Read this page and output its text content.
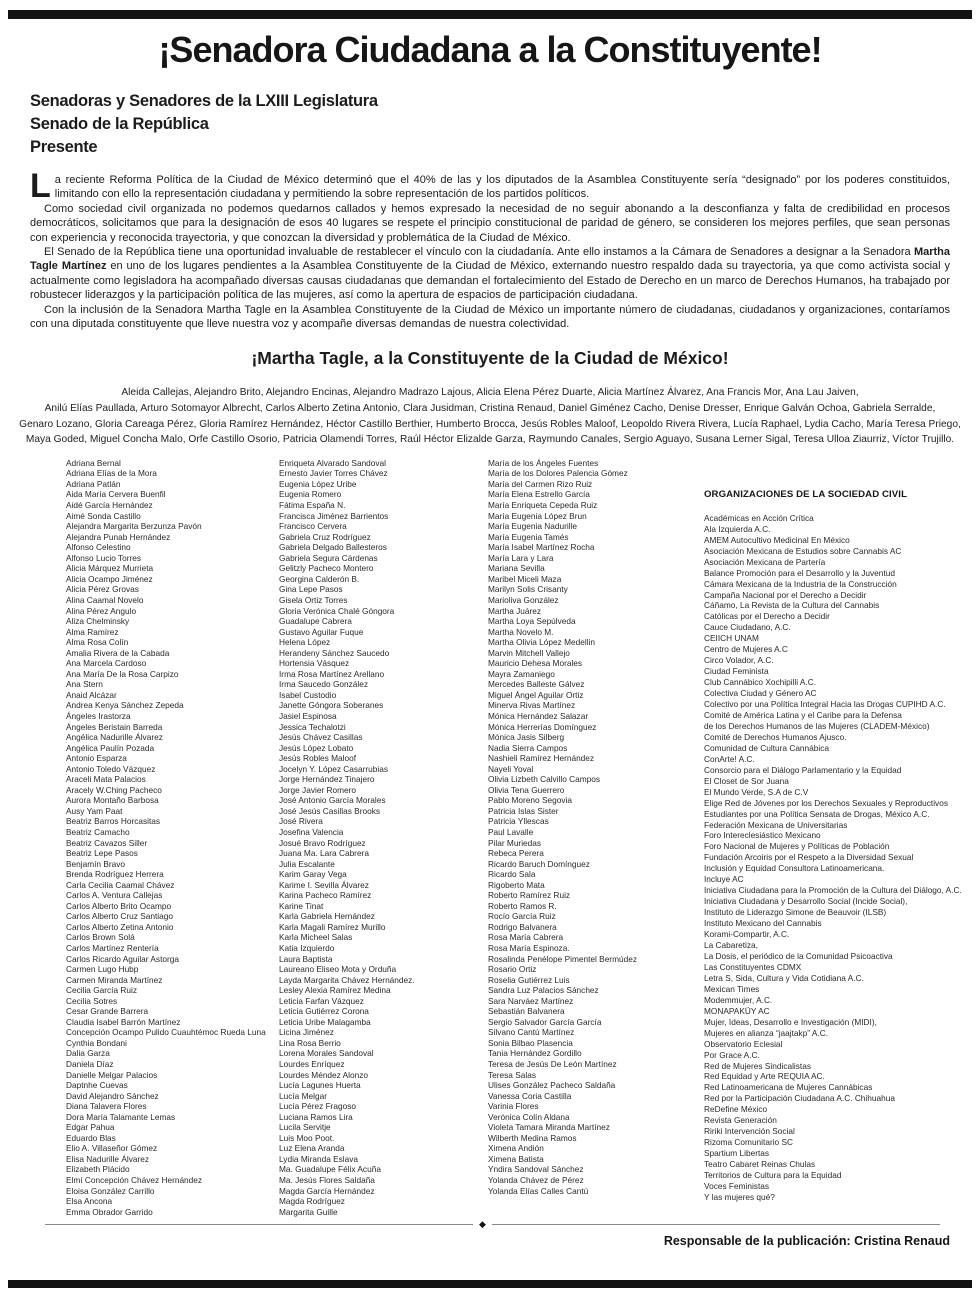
¡Senadora Ciudadana a la Constituyente!
Senadoras y Senadores de la LXIII Legislatura
Senado de la República
Presente

La reciente Reforma Política de la Ciudad de México determinó que el 40% de las y los diputados de la Asamblea Constituyente sería “designado” por los poderes constituidos, limitando con ello la representación ciudadana y permitiendo la sobre representación de los partidos políticos.

Como sociedad civil organizada no podemos quedarnos callados y hemos expresado la necesidad de no seguir abonando a la desconfianza y falta de credibilidad en procesos democráticos, solicitamos que para la designación de esos 40 lugares se respete el principio constitucional de paridad de género, se consideren los mejores perfiles, que sean personas con experiencia y reconocida trayectoria, y que conozcan la diversidad y problemática de la Ciudad de México.

El Senado de la República tiene una oportunidad invaluable de restablecer el vínculo con la ciudadanía. Ante ello instamos a la Cámara de Senadores a designar a la Senadora Martha Tagle Martínez en uno de los lugares pendientes a la Asamblea Constituyente de la Ciudad de México, externando nuestro respaldo dada su trayectoria, ya que como activista social y actualmente como legisladora ha acompañado diversas causas ciudadanas que demandan el fortalecimiento del Estado de Derecho en un marco de Derechos Humanos, ha trabajado por robustecer liderazgos y la participación política de las mujeres, así como la apertura de espacios de participación ciudadana.

Con la inclusión de la Senadora Martha Tagle en la Asamblea Constituyente de la Ciudad de México un importante número de ciudadanas, ciudadanos y organizaciones, contaríamos con una diputada constituyente que lleve nuestra voz y acompañe diversas demandas de nuestra colectividad.

¡Martha Tagle, a la Constituyente de la Ciudad de México!
Aleida Callejas, Alejandro Brito, Alejandro Encinas, Alejandro Madrazo Lajous, Alicia Elena Pérez Duarte, Alicia Martínez Álvarez, Ana Francis Mor, Ana Lau Jaiven,
Anilú Elías Paullada, Arturo Sotomayor Albrecht, Carlos Alberto Zetina Antonio, Clara Jusidman, Cristina Renaud, Daniel Giménez Cacho, Denise Dresser, Enrique Galván Ochoa, Gabriela Serralde,
Genaro Lozano, Gloria Careaga Pérez, Gloria Ramírez Hernández, Héctor Castillo Berthier, Humberto Brocca, Jesús Robles Maloof, Leopoldo Rivera Rivera, Lucía Raphael, Lydia Cacho, María Teresa Priego,
Maya Goded, Miguel Concha Malo, Orfe Castillo Osorio, Patricia Olamendi Torres, Raúl Héctor Elizalde Garza, Raymundo Canales, Sergio Aguayo, Susana Lerner Sigal, Teresa Ulloa Ziaurriz, Víctor Trujillo.
Adriana Bernal
Adriana Elías de la Mora
Adriana Patlán
Aida María Cervera Buenfil
Aidé García Hernández
Aimé Sonda Castillo
Alejandra Margarita Berzunza Pavón
Alejandra Punab Hernández
Alfonso Celestino
Alfonso Lucio Torres
Alicia Márquez Murrieta
Alicia Ocampo Jiménez
Alicia Pérez Grovas
Alina Caamal Novelo
Alina Pérez Angulo
Aliza Chelminsky
Alma Ramírez
Alma Rosa Colín
Amalia Rivera de la Cabada
Ana Marcela Cardoso
Ana María De la Rosa Carpizo
Ana Stern
Anaid Alcázar
Andrea Kenya Sánchez Zepeda
Ángeles Irastorza
Ángeles Beristain Barreda
Angélica Nadurille Álvarez
Angélica Paulín Pozada
Antonio Esparza
Antonio Toledo Vázquez
Araceli Mata Palacios
Aracely W.Ching Pacheco
Aurora Montaño Barbosa
Ausy Yam Paat
Beatriz Barros Horcasitas
Beatriz Camacho
Beatriz Cavazos Siller
Beatriz Lepe Pasos
Benjamín Bravo
Brenda Rodríguez Herrera
Carla Cecilia Caamal Chávez
Carlos A. Ventura Callejas
Carlos Alberto Brito Ocampo
Carlos Alberto Cruz Santiago
Carlos Alberto Zetina Antonio
Carlos Brown Solá
Carlos Martínez Rentería
Carlos Ricardo Aguilar Astorga
Carmen Lugo Hubp
Carmen Miranda Martínez
Cecilia García Ruiz
Cecilia Sotres
Cesar Grande Barrera
Claudia Isabel Barrón Martínez
Concepción Ocampo Pulido Cuauhtémoc Rueda Luna
Cynthia Bondani
Dalia Garza
Daniela Díaz
Danielle Melgar Palacios
Daptnhe Cuevas
David Alejandro Sánchez
Diana Talavera Flores
Dora María Talamante Lemas
Edgar Pahua
Eduardo Blas
Elio A. Villaseñor Gómez
Elisa Nadurille Álvarez
Elizabeth Plácido
Elmí Concepción Chávez Hernández
Eloisa González Carrillo
Elsa Ancona
Emma Obrador Garrido
Enriqueta Alvarado Sandoval
Ernesto Javier Torres Chávez
Eugenia López Uribe
Eugenia Romero
Fátima España N.
Francisca Jiménez Barrientos
Francisco Cervera
Gabriela Cruz Rodríguez
Gabriela Delgado Ballesteros
Gabriela Segura Cárdenas
Gelitzly Pacheco Montero
Georgina Calderón B.
Gina Lepe Pasos
Gisela Ortiz Torres
Gloria Verónica Chalé Góngora
Guadalupe Cabrera
Gustavo Aguilar Fuque
Helena López
Herandeny Sánchez Saucedo
Hortensia Vásquez
Irma Rosa Martínez Arellano
Irma Saucedo González
Isabel Custodio
Janette Góngora Soberanes
Jasiel Espinosa
Jessica Techalotzi
Jesús Chávez Casillas
Jesús López Lobato
Jesús Robles Maloof
Jocelyn Y. López Casarrubias
Jorge Hernández Tinajero
Jorge Javier Romero
José Antonio García Morales
José Jesús Casillas Brooks
José Rivera
Josefina Valencia
Josué Bravo Rodríguez
Juana Ma. Lara Cabrera
Julia Escalante
Karim Garay Vega
Karime I. Sevilla Álvarez
Karina Pacheco Ramírez
Karine Tinat
Karla Gabriela Hernández
Karla Magali Ramírez Murillo
Karla Micheel Salas
Katia Izquierdo
Laura Baptista
Laureano Eliseo Mota y Orduña
Layda Margarita Chávez Hernández.
Lesley Alexia Ramírez Medina
Leticia Farfan Vázquez
Leticia Gutiérrez Corona
Leticia Uribe Malagamba
Licina Jiménez
Lina Rosa Berrio
Lorena Morales Sandoval
Lourdes Enríquez
Lourdes Méndez Alonzo
Lucía Lagunes Huerta
Lucía Melgar
Lucía Pérez Fragoso
Luciana Ramos Lira
Lucila Servitje
Luis Moo Poot.
Luz Elena Aranda
Lydia Miranda Eslava
Ma. Guadalupe Félix Acuña
Ma. Jesús Flores Saldaña
Magda García Hernández
Magda Rodríguez
Margarita Guille
María de los Ángeles Fuentes
María de los Dolores Palencia Gómez
María del Carmen Rizo Ruiz
María Elena Estrello García
María Enriqueta Cepeda Ruiz
María Eugenia López Brun
María Eugenia Nadurille
María Eugenia Tamés
María Isabel Martínez Rocha
María Lara y Lara
Mariana Sevilla
Maribel Miceli Maza
Marilyn Solis Crisanty
Marioliva González
Martha Juárez
Martha Loya Sepúlveda
Martha Novelo M.
Martha Olivia López Medellin
Marvin Mitchell Vallejo
Mauricio Dehesa Morales
Mayra Zamaniego
Mercedes Balleste Gálvez
Miguel Ángel Aguilar Ortiz
Minerva Rivas Martínez
Mónica Hernández Salazar
Mónica Herrerías Domínguez
Mónica Jasis Silberg
Nadia Sierra Campos
Nashieli Ramírez Hernández
Nayeli Yoval
Olivia Lizbeth Calvillo Campos
Olivia Tena Guerrero
Pablo Moreno Segovia
Patricia Islas Sister
Patricia Yllescas
Paul Lavalle
Pilar Muriedas
Rebeca Perera
Ricardo Baruch Domínguez
Ricardo Sala
Rigoberto Mata
Roberto Ramírez Ruiz
Roberto Ramos R.
Rocío García Ruiz
Rodrigo Balvanera
Rosa María Cabrera
Rosa María Espinoza.
Rosalinda Penélope Pimentel Bermúdez
Rosario Ortiz
Roselia Gutiérrez Luis
Sandra Luz Palacios Sánchez
Sara Narváez Martínez
Sebastián Balvanera
Sergio Salvador García García
Silvano Cantú Martínez
Sonia Bilbao Plasencia
Tania Hernández Gordillo
Teresa de Jesús De León Martínez
Teresa Salas
Ulises González Pacheco Saldaña
Vanessa Coria Castilla
Varinia Flores
Verónica Colín Aldana
Violeta Tamara Miranda Martínez
Wilberth Medina Ramos
Ximena Andión
Ximena Batista
Yndira Sandoval Sánchez
Yolanda Chávez de Pérez
Yolanda Elías Calles Cantú
ORGANIZACIONES DE LA SOCIEDAD CIVIL
Académicas en Acción Crítica
Ala Izquierda A.C.
AMEM Autocultivo Medicinal En México
Asociación Mexicana de Estudios sobre Cannabis AC
Asociación Mexicana de Partería
Balance Promoción para el Desarrollo y la Juventud
Cámara Mexicana de la Industria de la Construcción
Campaña Nacional por el Derecho a Decidir
Cáñamo, La Revista de la Cultura del Cannabis
Católicas por el Derecho a Decidir
Cauce Ciudadano, A.C.
CEIICH UNAM
Centro de Mujeres A.C
Circo Volador, A.C.
Ciudad Feminista
Club Cannábico Xochipilli A.C.
Colectiva Ciudad y Género AC
Colectivo por una Política Integral Hacia las Drogas CUPIHD A.C.
Comité de América Latina y el Caribe para la Defensa
de los Derechos Humanos de las Mujeres (CLADEM-México)
Comité de Derechos Humanos Ajusco.
Comunidad de Cultura Cannábica
ConArte! A.C.
Consorcio para el Diálogo Parlamentario y la Equidad
El Closet de Sor Juana
El Mundo Verde, S.A de C.V
Elige Red de Jóvenes por los Derechos Sexuales y Reproductivos
Estudiantes por una Política Sensata de Drogas, México A.C.
Federación Mexicana de Universitarias
Foro Intereclesiástico Mexicano
Foro Nacional de Mujeres y Políticas de Población
Fundación Arcoiris por el Respeto a la Diversidad Sexual
Inclusión y Equidad Consultora Latinoamericana.
Incluye AC
Iniciativa Ciudadana para la Promoción de la Cultura del Diálogo, A.C.
Iniciativa Ciudadana y Desarrollo Social (Incide Social),
Instituto de Liderazgo Simone de Beauvoir (ILSB)
Instituto Mexicano del Cannabis
Korami-Compartir, A.C.
La Cabaretiza,
La Dosis, el periódico de la Comunidad Psicoactiva
Las Constituyentes CDMX
Letra S, Sida, Cultura y Vida Cotidiana A.C.
Mexican Times
Modemmujer, A.C.
MONAPAKÜY AC
Mujer, Ideas, Desarrollo e Investigación (MIDI),
Mujeres en alianza “jaajtakp” A.C.
Observatorio Eclesial
Por Grace A.C.
Red de Mujeres Sindicalistas
Red Equidad y Arte REQUIA AC.
Red Latinoamericana de Mujeres Cannábicas
Red por la Participación Ciudadana A.C. Chihuahua
ReDefine México
Revista Generación
Ririki Intervención Social
Rizoma Comunitario SC
Spartium Libertas
Teatro Cabaret Reinas Chulas
Territorios de Cultura para la Equidad
Voces Feministas
Y las mujeres qué?
◆
Responsable de la publicación: Cristina Renaud
